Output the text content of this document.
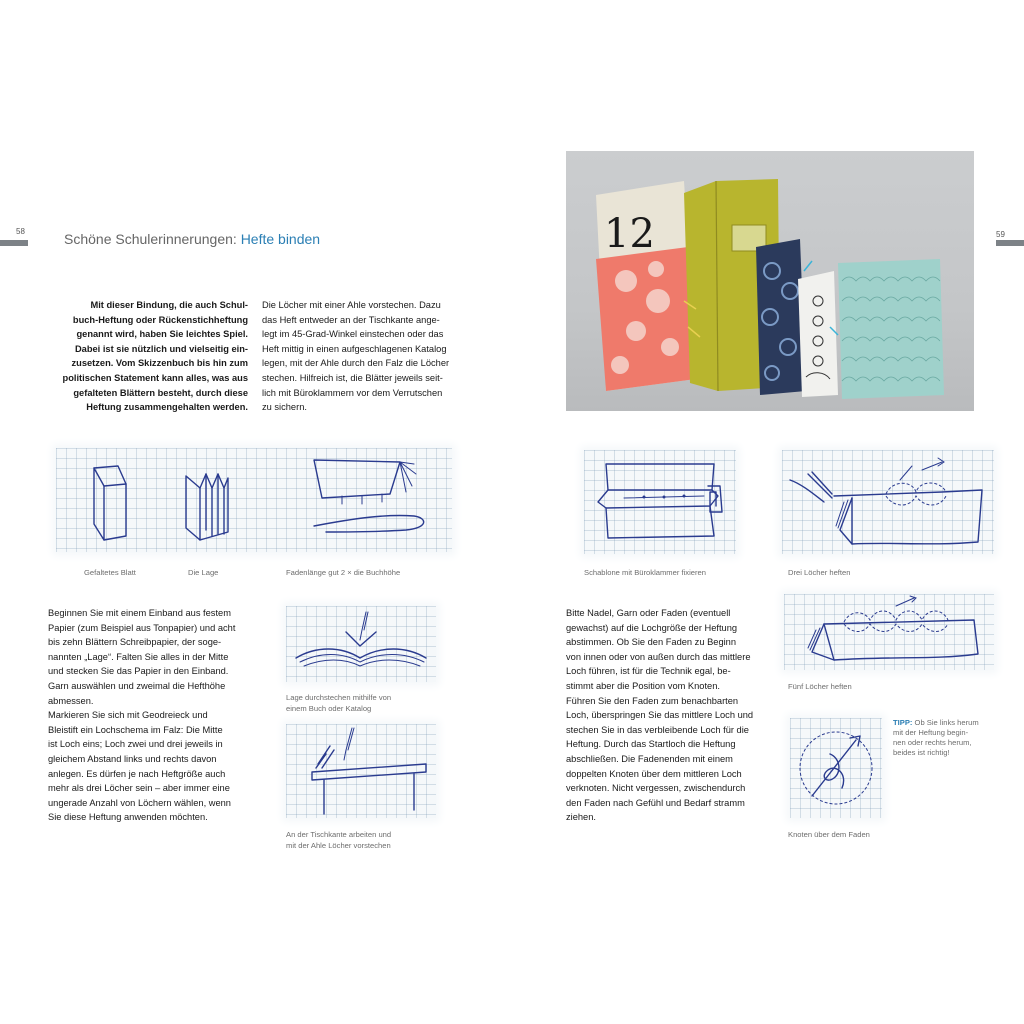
58	Schöne Schulerinnerungen: Hefte binden
Mit dieser Bindung, die auch Schul-
buch-Heftung oder Rückenstichheftung
genannt wird, haben Sie leichtes Spiel.
Dabei ist sie nützlich und vielseitig ein-
zusetzen. Vom Skizzenbuch bis hin zum
politischen Statement kann alles, was aus
gefalteten Blättern besteht, durch diese
Heftung zusammengehalten werden.
Die Löcher mit einer Ahle vorstechen. Dazu
das Heft entweder an der Tischkante ange-
legt im 45-Grad-Winkel einstechen oder das
Heft mittig in einen aufgeschlagenen Katalog
legen, mit der Ahle durch den Falz die Löcher
stechen. Hilfreich ist, die Blätter jeweils seit-
lich mit Büroklammern vor dem Verrutschen
zu sichern.
Gefaltetes Blatt	Die Lage	Fadenlänge gut 2 × die Buchhöhe
Beginnen Sie mit einem Einband aus festem
Papier (zum Beispiel aus Tonpapier) und acht
bis zehn Blättern Schreibpapier, der soge-
nannten „Lage“. Falten Sie alles in der Mitte
und stecken Sie das Papier in den Einband.
Garn auswählen und zweimal die Hefthöhe
abmessen.
Markieren Sie sich mit Geodreieck und
Bleistift ein Lochschema im Falz: Die Mitte
ist Loch eins; Loch zwei und drei jeweils in
gleichem Abstand links und rechts davon
anlegen. Es dürfen je nach Heftgröße auch
mehr als drei Löcher sein – aber immer eine
ungerade Anzahl von Löchern wählen, wenn
Sie diese Heftung anwenden möchten.
Lage durchstechen mithilfe von
einem Buch oder Katalog
An der Tischkante arbeiten und
mit der Ahle Löcher vorstechen
59
12
Schablone mit Büroklammer fixieren	Drei Löcher heften
Bitte Nadel, Garn oder Faden (eventuell
gewachst) auf die Lochgröße der Heftung
abstimmen. Ob Sie den Faden zu Beginn
von innen oder von außen durch das mittlere
Loch führen, ist für die Technik egal, be-
stimmt aber die Position vom Knoten.
Führen Sie den Faden zum benachbarten
Loch, überspringen Sie das mittlere Loch und
stechen Sie in das verbleibende Loch für die
Heftung. Durch das Startloch die Heftung
abschließen. Die Fadenenden mit einem
doppelten Knoten über dem mittleren Loch
verknoten. Nicht vergessen, zwischendurch
den Faden nach Gefühl und Bedarf stramm
ziehen.
Fünf Löcher heften
Knoten über dem Faden
TIPP: Ob Sie links herum
mit der Heftung begin-
nen oder rechts herum,
beides ist richtig!
